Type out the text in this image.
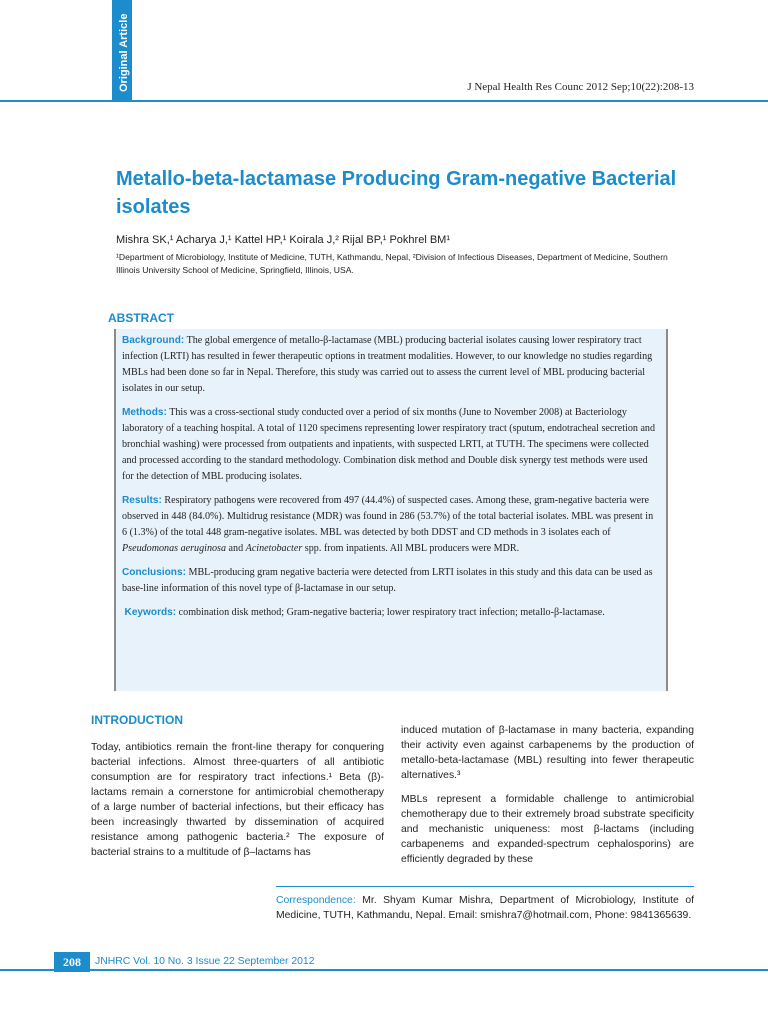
Original Article	J Nepal Health Res Counc 2012 Sep;10(22):208-13
Metallo-beta-lactamase Producing Gram-negative Bacterial isolates
Mishra SK,¹ Acharya J,¹ Kattel HP,¹ Koirala J,² Rijal BP,¹ Pokhrel BM¹
¹Department of Microbiology, Institute of Medicine, TUTH, Kathmandu, Nepal, ²Division of Infectious Diseases, Department of Medicine, Southern Illinois University School of Medicine, Springfield, Illinois, USA.
ABSTRACT

Background: The global emergence of metallo-β-lactamase (MBL) producing bacterial isolates causing lower respiratory tract infection (LRTI) has resulted in fewer therapeutic options in treatment modalities. However, to our knowledge no studies regarding MBLs had been done so far in Nepal. Therefore, this study was carried out to assess the current level of MBL producing bacterial isolates in our setup.

Methods: This was a cross-sectional study conducted over a period of six months (June to November 2008) at Bacteriology laboratory of a teaching hospital. A total of 1120 specimens representing lower respiratory tract (sputum, endotracheal secretion and bronchial washing) were processed from outpatients and inpatients, with suspected LRTI, at TUTH. The specimens were collected and processed according to the standard methodology. Combination disk method and Double disk synergy test methods were used for the detection of MBL producing isolates.

Results: Respiratory pathogens were recovered from 497 (44.4%) of suspected cases. Among these, gram-negative bacteria were observed in 448 (84.0%). Multidrug resistance (MDR) was found in 286 (53.7%) of the total bacterial isolates. MBL was present in 6 (1.3%) of the total 448 gram-negative isolates. MBL was detected by both DDST and CD methods in 3 isolates each of Pseudomonas aeruginosa and Acinetobacter spp. from inpatients. All MBL producers were MDR.

Conclusions: MBL-producing gram negative bacteria were detected from LRTI isolates in this study and this data can be used as base-line information of this novel type of β-lactamase in our setup.

Keywords: combination disk method; Gram-negative bacteria; lower respiratory tract infection; metallo-β-lactamase.

INTRODUCTION

Today, antibiotics remain the front-line therapy for conquering bacterial infections. Almost three-quarters of all antibiotic consumption are for respiratory tract infections.¹ Beta (β)-lactams remain a cornerstone for antimicrobial chemotherapy of a large number of bacterial infections, but their efficacy has been increasingly thwarted by dissemination of acquired resistance among pathogenic bacteria.² The exposure of bacterial strains to a multitude of β–lactams has

induced mutation of β-lactamase in many bacteria, expanding their activity even against carbapenems by the production of metallo-beta-lactamase (MBL) resulting into fewer therapeutic alternatives.³

MBLs represent a formidable challenge to antimicrobial chemotherapy due to their extremely broad substrate specificity and mechanistic uniqueness: most β-lactams (including carbapenems and expanded-spectrum cephalosporins) are efficiently degraded by these

Correspondence: Mr. Shyam Kumar Mishra, Department of Microbiology, Institute of Medicine, TUTH, Kathmandu, Nepal. Email: smishra7@hotmail.com, Phone: 9841365639.
208	JNHRC Vol. 10 No. 3 Issue 22 September 2012
